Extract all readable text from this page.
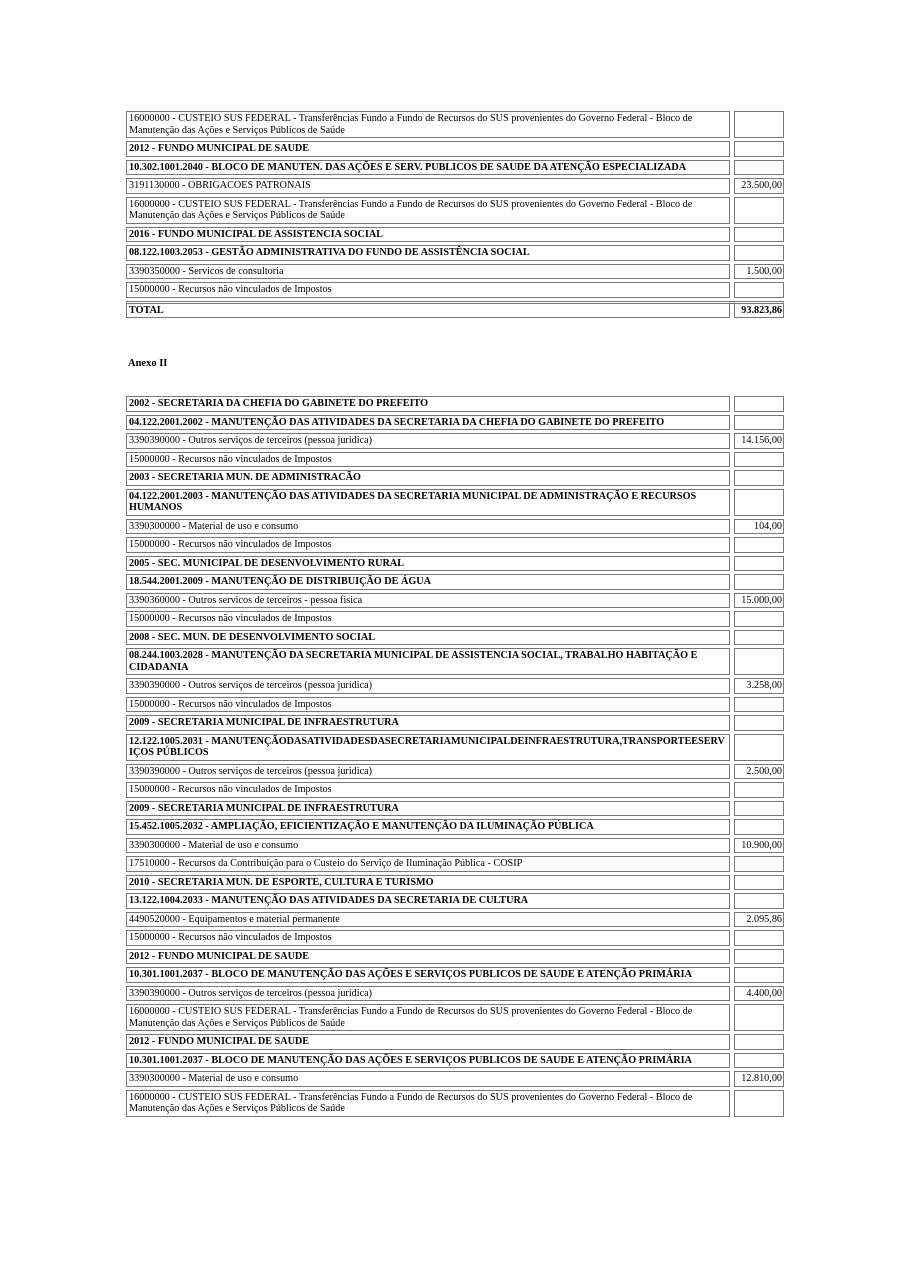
16000000 - CUSTEIO SUS FEDERAL - Transferências Fundo a Fundo de Recursos do SUS provenientes do Governo Federal - Bloco de Manutenção das Ações e Serviços Públicos de Saúde		
2012 - FUNDO MUNICIPAL DE SAUDE		
10.302.1001.2040 - BLOCO DE MANUTEN. DAS AÇÕES E SERV. PUBLICOS DE SAUDE DA ATENÇÃO ESPECIALIZADA		
3191130000 - OBRIGACOES PATRONAIS		23.500,00
16000000 - CUSTEIO SUS FEDERAL - Transferências Fundo a Fundo de Recursos do SUS provenientes do Governo Federal - Bloco de Manutenção das Ações e Serviços Públicos de Saúde		
2016 - FUNDO MUNICIPAL DE ASSISTENCIA SOCIAL		
08.122.1003.2053 - GESTÃO ADMINISTRATIVA DO FUNDO DE ASSISTÊNCIA SOCIAL		
3390350000 - Servicos de consultoria		1.500,00
15000000 - Recursos não vinculados de Impostos		
TOTAL		93.823,86
Anexo II
2002 - SECRETARIA DA CHEFIA DO GABINETE DO PREFEITO		
04.122.2001.2002 - MANUTENÇÃO DAS ATIVIDADES DA SECRETARIA DA CHEFIA DO GABINETE DO PREFEITO		
3390390000 - Outros serviços de terceiros (pessoa juridica)		14.156,00
15000000 - Recursos não vinculados de Impostos		
2003 - SECRETARIA MUN. DE ADMINISTRACÃO		
04.122.2001.2003 - MANUTENÇÃO DAS ATIVIDADES DA SECRETARIA MUNICIPAL DE ADMINISTRAÇÃO E RECURSOS HUMANOS		
3390300000 - Material de uso e consumo		104,00
15000000 - Recursos não vinculados de Impostos		
2005 - SEC. MUNICIPAL DE DESENVOLVIMENTO RURAL		
18.544.2001.2009 - MANUTENÇÃO DE DISTRIBUIÇÃO DE ÁGUA		
3390360000 - Outros servicos de terceiros - pessoa fisica		15.000,00
15000000 - Recursos não vinculados de Impostos		
2008 - SEC. MUN. DE DESENVOLVIMENTO SOCIAL		
08.244.1003.2028 - MANUTENÇÃO DA SECRETARIA MUNICIPAL DE ASSISTENCIA SOCIAL, TRABALHO HABITAÇÃO E CIDADANIA		
3390390000 - Outros serviços de terceiros (pessoa juridica)		3.258,00
15000000 - Recursos não vinculados de Impostos		
2009 - SECRETARIA MUNICIPAL DE INFRAESTRUTURA		
12.122.1005.2031 - MANUTENÇÃODASATIVIDADESDASECRETARIAMUNICIPALDEINFRAESTRUTURA,TRANSPORTEESERVIÇOS PÚBLICOS		
3390390000 - Outros serviços de terceiros (pessoa juridica)		2.500,00
15000000 - Recursos não vinculados de Impostos		
2009 - SECRETARIA MUNICIPAL DE INFRAESTRUTURA		
15.452.1005.2032 - AMPLIAÇÃO, EFICIENTIZAÇÃO E MANUTENÇÃO DA ILUMINAÇÃO PÚBLICA		
3390300000 - Material de uso e consumo		10.900,00
17510000 - Recursos da Contribuição para o Custeio do Serviço de Iluminação Pública - COSIP		
2010 - SECRETARIA MUN. DE ESPORTE, CULTURA E TURISMO		
13.122.1004.2033 - MANUTENÇÃO DAS ATIVIDADES DA SECRETARIA DE CULTURA		
4490520000 - Equipamentos e material permanente		2.095,86
15000000 - Recursos não vinculados de Impostos		
2012 - FUNDO MUNICIPAL DE SAUDE		
10.301.1001.2037 - BLOCO DE MANUTENÇÃO DAS AÇÕES E SERVIÇOS PUBLICOS DE SAUDE E ATENÇÃO PRIMÁRIA		
3390390000 - Outros serviços de terceiros (pessoa juridica)		4.400,00
16000000 - CUSTEIO SUS FEDERAL - Transferências Fundo a Fundo de Recursos do SUS provenientes do Governo Federal - Bloco de Manutenção das Ações e Serviços Públicos de Saúde		
2012 - FUNDO MUNICIPAL DE SAUDE		
10.301.1001.2037 - BLOCO DE MANUTENÇÃO DAS AÇÕES E SERVIÇOS PUBLICOS DE SAUDE E ATENÇÃO PRIMÁRIA		
3390300000 - Material de uso e consumo		12.810,00
16000000 - CUSTEIO SUS FEDERAL - Transferências Fundo a Fundo de Recursos do SUS provenientes do Governo Federal - Bloco de Manutenção das Ações e Serviços Públicos de Saúde		
